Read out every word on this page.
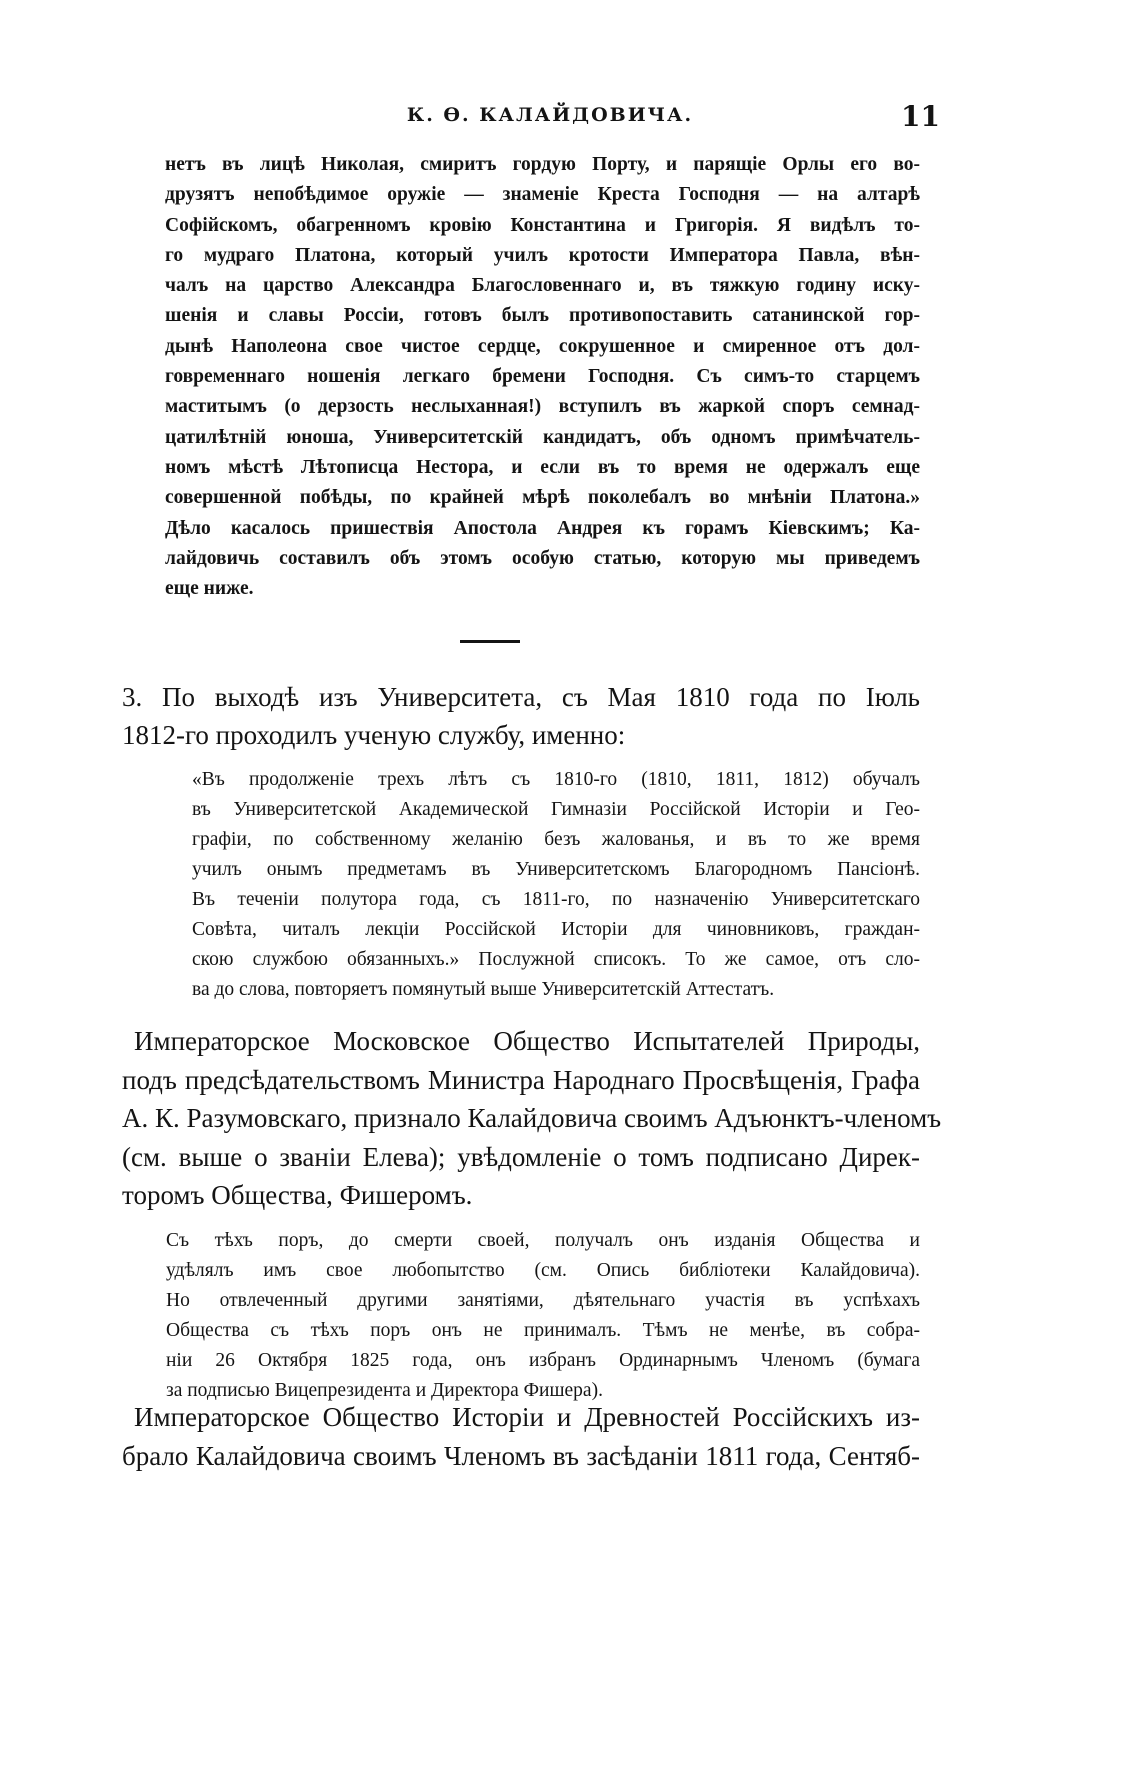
К. Ѳ. КАЛАЙДОВИЧА.	11
нетъ въ лицѣ Николая, смиритъ гордую Порту, и парящіе Орлы его во-
друзятъ непобѣдимое оружіе — знаменіе Креста Господня — на алтарѣ
Софійскомъ, обагренномъ кровію Константина и Григорія. Я видѣлъ то-
го мудраго Платона, который училъ кротости Императора Павла, вѣн-
чалъ на царство Александра Благословеннаго и, въ тяжкую годину иску-
шенія и славы Россіи, готовъ былъ противопоставить сатанинской гор-
дынѣ Наполеона свое чистое сердце, сокрушенное и смиренное отъ дол-
говременнаго ношенія легкаго бремени Господня. Съ симъ-то старцемъ
маститымъ (о дерзость неслыханная!) вступилъ въ жаркой споръ семнад-
цатилѣтній юноша, Университетскій кандидатъ, объ одномъ примѣчатель-
номъ мѣстѣ Лѣтописца Нестора, и если въ то время не одержалъ еще
совершенной побѣды, по крайней мѣрѣ поколебалъ во мнѣніи Платона.»
Дѣло касалось пришествія Апостола Андрея къ горамъ Кіевскимъ; Ка-
лайдовичь составилъ объ этомъ особую статью, которую мы приведемъ
еще ниже.
3. По выходѣ изъ Университета, съ Мая 1810 года по Іюль
1812-го проходилъ ученую службу, именно:
«Въ продолженіе трехъ лѣтъ съ 1810-го (1810, 1811, 1812) обучалъ
въ Университетской Академической Гимназіи Россійской Исторіи и Гео-
графіи, по собственному желанію безъ жалованья, и въ то же время
училъ онымъ предметамъ въ Университетскомъ Благородномъ Пансіонѣ.
Въ теченіи полутора года, съ 1811-го, по назначенію Университетскаго
Совѣта, читалъ лекціи Россійской Исторіи для чиновниковъ, граждан-
скою службою обязанныхъ.» Послужной списокъ. То же самое, отъ сло-
ва до слова, повторяетъ помянутый выше Университетскій Аттестатъ.
Императорское Московское Общество Испытателей Природы,
подъ предсѣдательствомъ Министра Народнаго Просвѣщенія, Графа
А. К. Разумовскаго, признало Калайдовича своимъ Адъюнктъ-членомъ
(см. выше о званіи Елева); увѣдомленіе о томъ подписано Дирек-
торомъ Общества, Фишеромъ.
Съ тѣхъ поръ, до смерти своей, получалъ онъ изданія Общества и
удѣлялъ имъ свое любопытство (см. Опись библіотеки Калайдовича).
Но отвлеченный другими занятіями, дѣятельнаго участія въ успѣхахъ
Общества съ тѣхъ поръ онъ не принималъ. Тѣмъ не менѣе, въ собра-
ніи 26 Октября 1825 года, онъ избранъ Ординарнымъ Членомъ (бумага
за подписью Вицепрезидента и Директора Фишера).
Императорское Общество Исторіи и Древностей Россійскихъ из-
брало Калайдовича своимъ Членомъ въ засѣданіи 1811 года, Сентяб-
